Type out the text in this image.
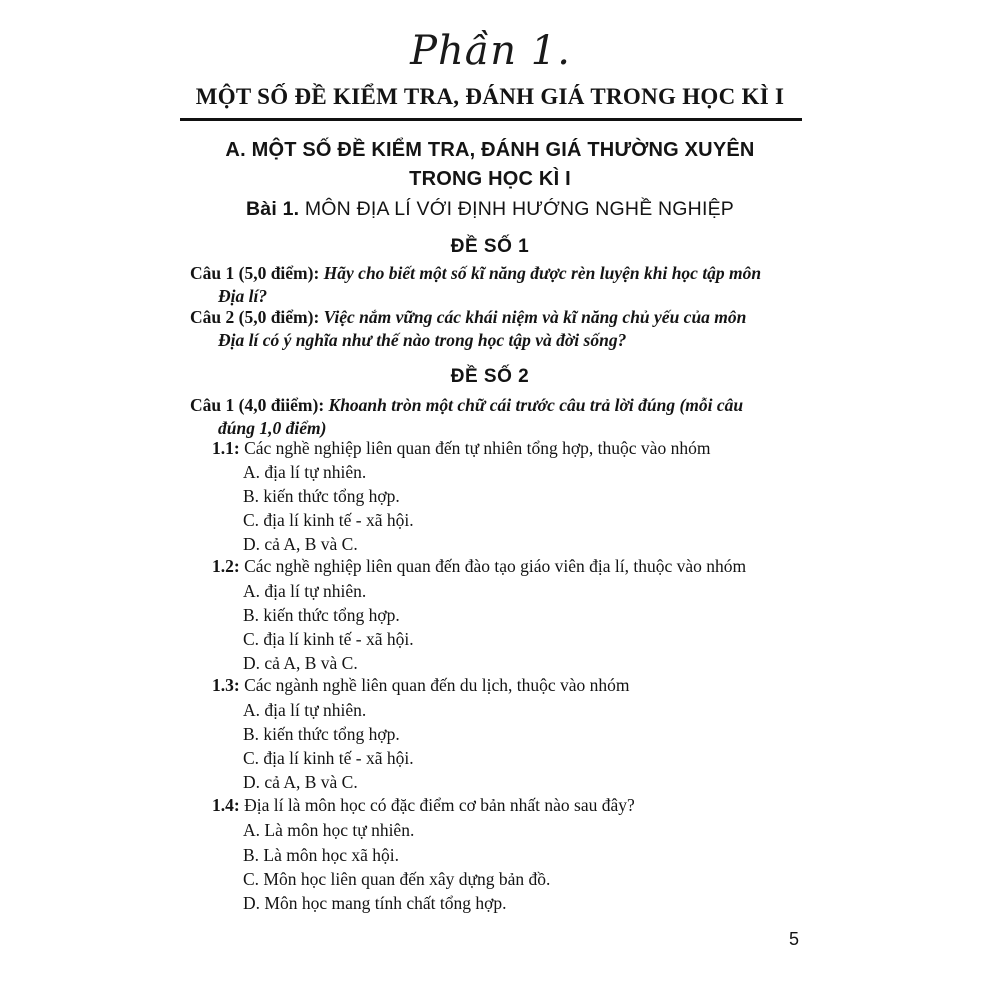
Phần 1.
MỘT SỐ ĐỀ KIỂM TRA, ĐÁNH GIÁ TRONG HỌC KÌ I
A. MỘT SỐ ĐỀ KIỂM TRA, ĐÁNH GIÁ THƯỜNG XUYÊN
TRONG HỌC KÌ I
Bài 1. MÔN ĐỊA LÍ VỚI ĐỊNH HƯỚNG NGHỀ NGHIỆP
ĐỀ SỐ 1
Câu 1 (5,0 điểm): Hãy cho biết một số kĩ năng được rèn luyện khi học tập môn
Địa lí?
Câu 2 (5,0 điểm): Việc nắm vững các khái niệm và kĩ năng chủ yếu của môn
Địa lí có ý nghĩa như thế nào trong học tập và đời sống?
ĐỀ SỐ 2
Câu 1 (4,0 điiểm): Khoanh tròn một chữ cái trước câu trả lời đúng (mỗi câu
đúng 1,0 điểm)
1.1: Các nghề nghiệp liên quan đến tự nhiên tổng hợp, thuộc vào nhóm
A. địa lí tự nhiên.
B. kiến thức tổng hợp.
C. địa lí kinh tế - xã hội.
D. cả A, B và C.
1.2: Các nghề nghiệp liên quan đến đào tạo giáo viên địa lí, thuộc vào nhóm
A. địa lí tự nhiên.
B. kiến thức tổng hợp.
C. địa lí kinh tế - xã hội.
D. cả A, B và C.
1.3: Các ngành nghề liên quan đến du lịch, thuộc vào nhóm
A. địa lí tự nhiên.
B. kiến thức tổng hợp.
C. địa lí kinh tế - xã hội.
D. cả A, B và C.
1.4: Địa lí là môn học có đặc điểm cơ bản nhất nào sau đây?
A. Là môn học tự nhiên.
B. Là môn học xã hội.
C. Môn học liên quan đến xây dựng bản đồ.
D. Môn học mang tính chất tổng hợp.
5
